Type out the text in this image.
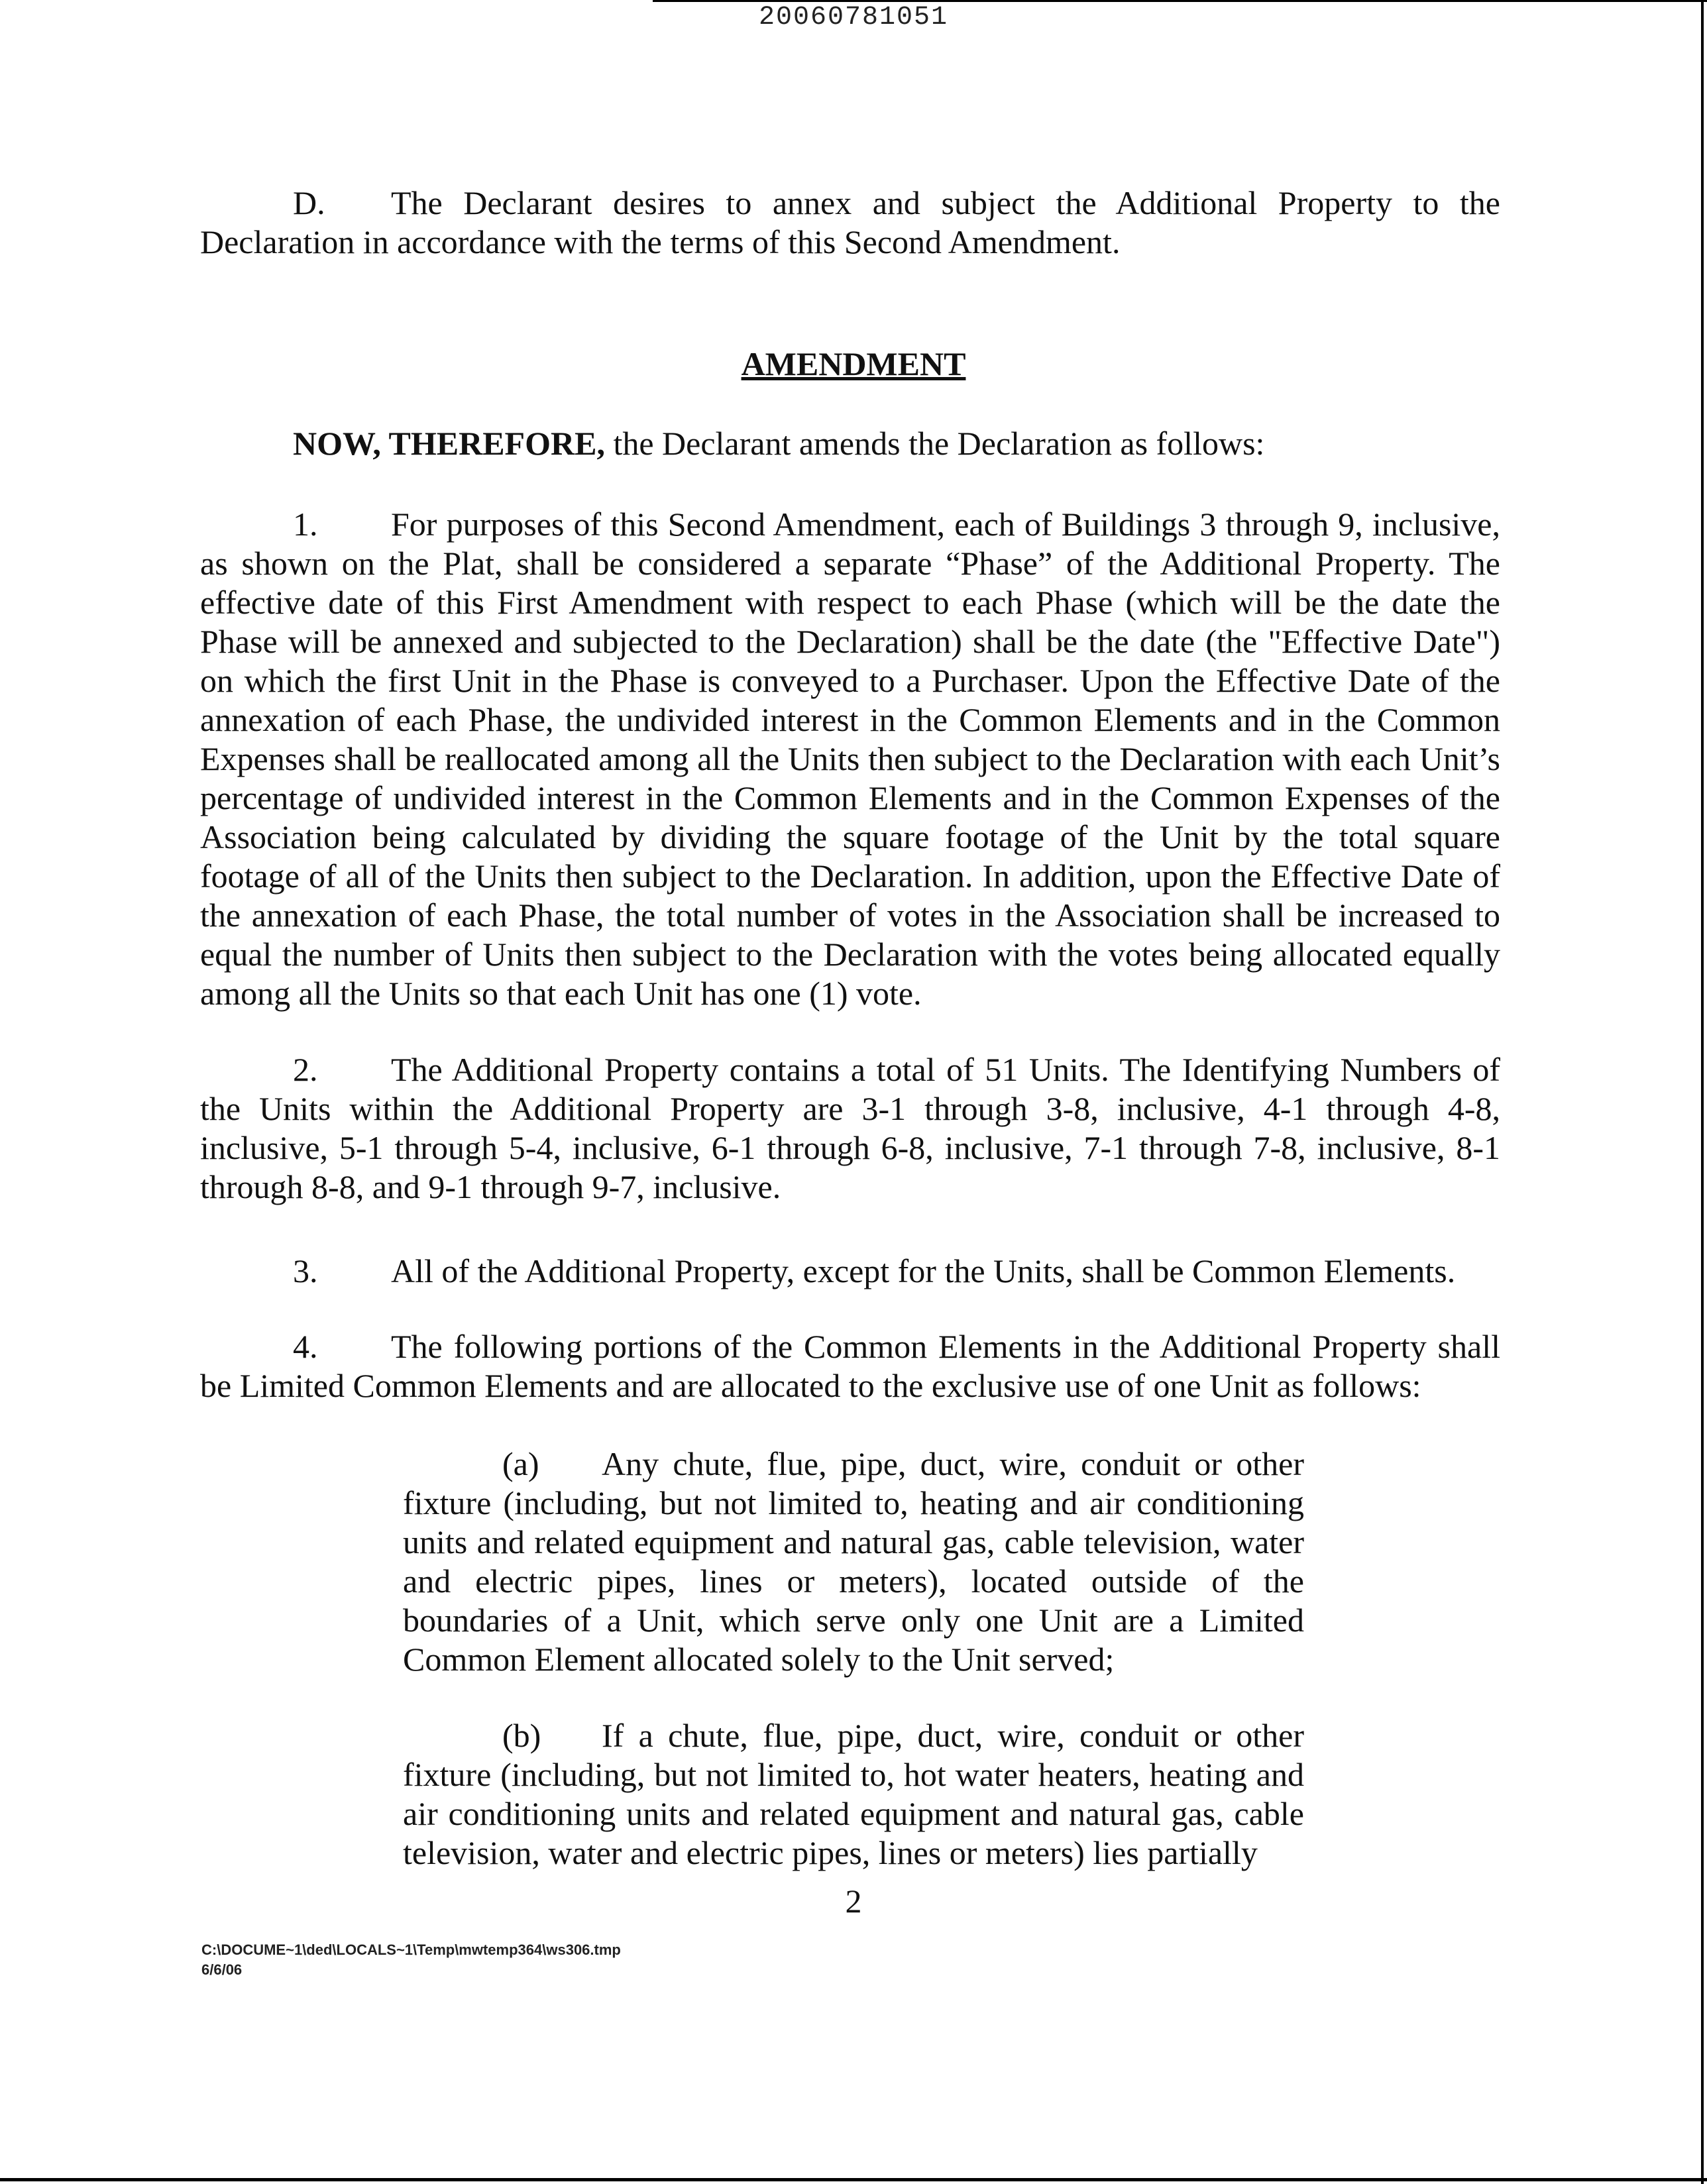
20060781051

D. The Declarant desires to annex and subject the Additional Property to the Declaration in accordance with the terms of this Second Amendment.

AMENDMENT

NOW, THEREFORE, the Declarant amends the Declaration as follows:

1. For purposes of this Second Amendment, each of Buildings 3 through 9, inclusive, as shown on the Plat, shall be considered a separate “Phase” of the Additional Property. The effective date of this First Amendment with respect to each Phase (which will be the date the Phase will be annexed and subjected to the Declaration) shall be the date (the "Effective Date") on which the first Unit in the Phase is conveyed to a Purchaser. Upon the Effective Date of the annexation of each Phase, the undivided interest in the Common Elements and in the Common Expenses shall be reallocated among all the Units then subject to the Declaration with each Unit’s percentage of undivided interest in the Common Elements and in the Common Expenses of the Association being calculated by dividing the square footage of the Unit by the total square footage of all of the Units then subject to the Declaration. In addition, upon the Effective Date of the annexation of each Phase, the total number of votes in the Association shall be increased to equal the number of Units then subject to the Declaration with the votes being allocated equally among all the Units so that each Unit has one (1) vote.

2. The Additional Property contains a total of 51 Units. The Identifying Numbers of the Units within the Additional Property are 3-1 through 3-8, inclusive, 4-1 through 4-8, inclusive, 5-1 through 5-4, inclusive, 6-1 through 6-8, inclusive, 7-1 through 7-8, inclusive, 8-1 through 8-8, and 9-1 through 9-7, inclusive.

3. All of the Additional Property, except for the Units, shall be Common Elements.

4. The following portions of the Common Elements in the Additional Property shall be Limited Common Elements and are allocated to the exclusive use of one Unit as follows:

(a) Any chute, flue, pipe, duct, wire, conduit or other fixture (including, but not limited to, heating and air conditioning units and related equipment and natural gas, cable television, water and electric pipes, lines or meters), located outside of the boundaries of a Unit, which serve only one Unit are a Limited Common Element allocated solely to the Unit served;

(b) If a chute, flue, pipe, duct, wire, conduit or other fixture (including, but not limited to, hot water heaters, heating and air conditioning units and related equipment and natural gas, cable television, water and electric pipes, lines or meters) lies partially

2
C:\DOCUME~1\ded\LOCALS~1\Temp\mwtemp364\ws306.tmp
6/6/06
